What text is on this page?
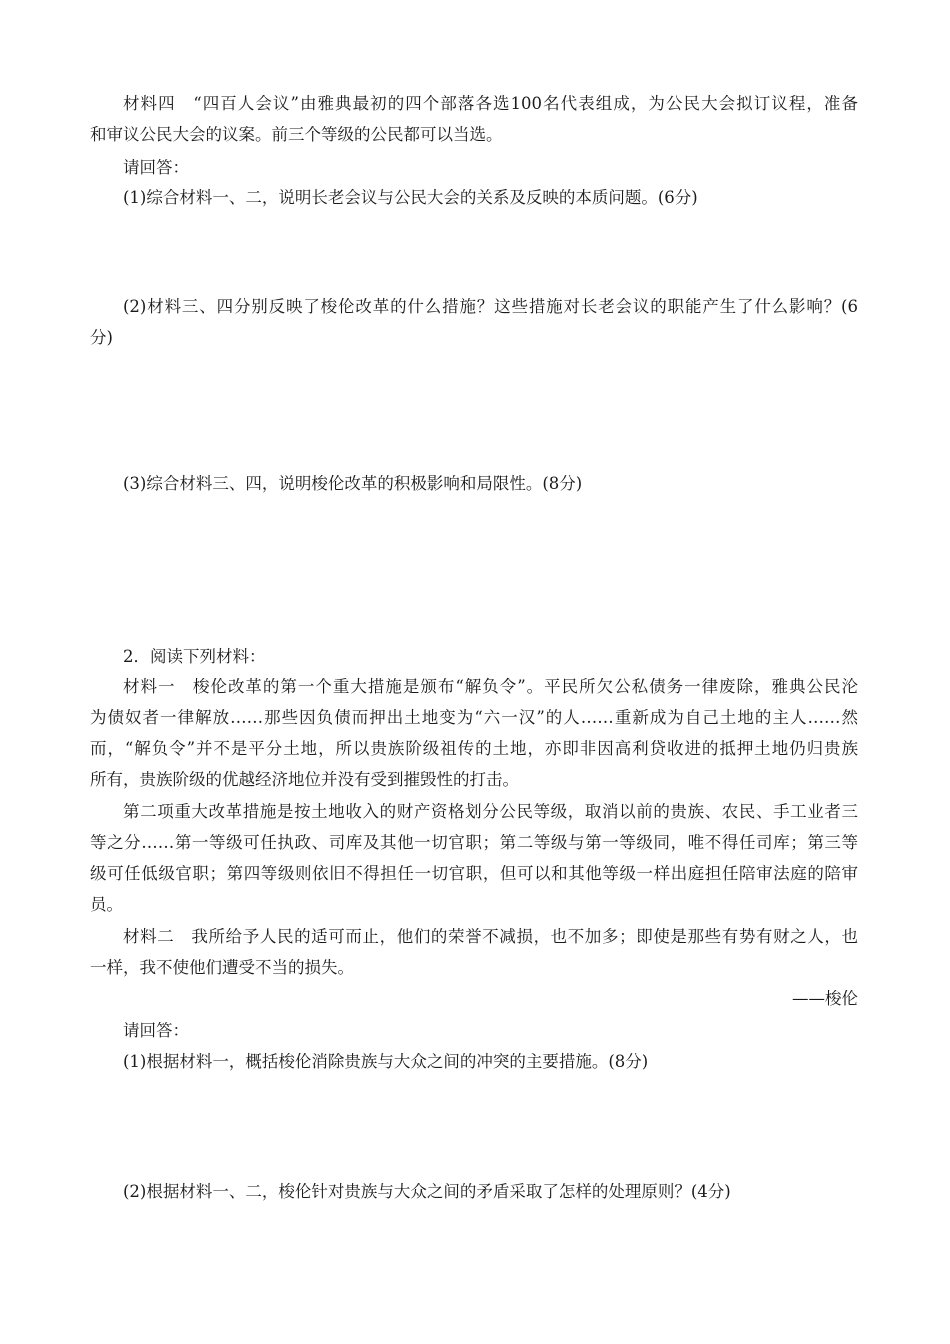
材料四　“四百人会议”由雅典最初的四个部落各选100名代表组成，为公民大会拟订议程，准备
和审议公民大会的议案。前三个等级的公民都可以当选。
请回答：
(1)综合材料一、二，说明长老会议与公民大会的关系及反映的本质问题。(6分)
(2)材料三、四分别反映了梭伦改革的什么措施？这些措施对长老会议的职能产生了什么影响？(6
分)
(3)综合材料三、四，说明梭伦改革的积极影响和局限性。(8分)
2．阅读下列材料：
材料一　梭伦改革的第一个重大措施是颁布“解负令”。平民所欠公私债务一律废除，雅典公民沦
为债奴者一律解放……那些因负债而押出土地变为“六一汉”的人……重新成为自己土地的主人……然
而，“解负令”并不是平分土地，所以贵族阶级祖传的土地，亦即非因高利贷收进的抵押土地仍归贵族
所有，贵族阶级的优越经济地位并没有受到摧毁性的打击。
第二项重大改革措施是按土地收入的财产资格划分公民等级，取消以前的贵族、农民、手工业者三
等之分……第一等级可任执政、司库及其他一切官职；第二等级与第一等级同，唯不得任司库；第三等
级可任低级官职；第四等级则依旧不得担任一切官职，但可以和其他等级一样出庭担任陪审法庭的陪审
员。
材料二　我所给予人民的适可而止，他们的荣誉不减损，也不加多；即使是那些有势有财之人，也
一样，我不使他们遭受不当的损失。
——梭伦
请回答：
(1)根据材料一，概括梭伦消除贵族与大众之间的冲突的主要措施。(8分)
(2)根据材料一、二，梭伦针对贵族与大众之间的矛盾采取了怎样的处理原则？(4分)
